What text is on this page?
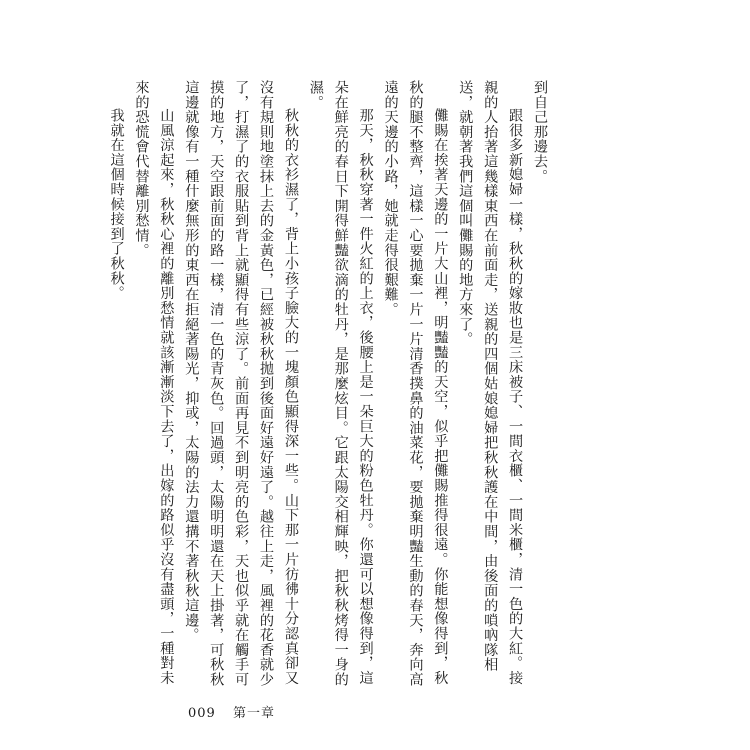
到自己那邊去。

跟很多新媳婦一樣，秋秋的嫁妝也是三床被子、一間衣櫃、一間米櫃，清一色的大紅。接親的人抬著這幾樣東西在前面走，送親的四個姑娘媳婦把秋秋護在中間，由後面的嗩吶隊相送，就朝著我們這個叫儺賜的地方來了。

儺賜在挨著天邊的一片大山裡，明豔豔的天空，似乎把儺賜推得很遠。你能想像得到，秋秋的腿不整齊，這樣一心要拋棄一片一片清香撲鼻的油菜花，要拋棄明豔生動的春天，奔向高遠的天邊的小路，她就走得很艱難。

那天，秋秋穿著一件火紅的上衣，後腰上是一朵巨大的粉色牡丹。你還可以想像得到，這朵在鮮亮的春日下開得鮮豔欲滴的牡丹，是那麼炫目。它跟太陽交相輝映，把秋秋烤得一身的濕。

秋秋的衣衫濕了，背上小孩子臉大的一塊顏色顯得深一些。山下那一片彷彿十分認真卻又沒有規則地塗抹上去的金黃色，已經被秋秋拋到後面好遠好遠了。越往上走，風裡的花香就少了，打濕了的衣服貼到背上就顯得有些涼了。前面再見不到明亮的色彩，天也似乎就在觸手可摸的地方，天空跟前面的路一樣，清一色的青灰色。回過頭，太陽明明還在天上掛著，可秋秋這邊就像有一種什麼無形的東西在拒絕著陽光，抑或，太陽的法力還搆不著秋秋這邊。

山風涼起來，秋秋心裡的離別愁情就該漸漸淡下去了，出嫁的路似乎沒有盡頭，一種對未來的恐慌會代替離別愁情。

我就在這個時候接到了秋秋。

009 第一章
